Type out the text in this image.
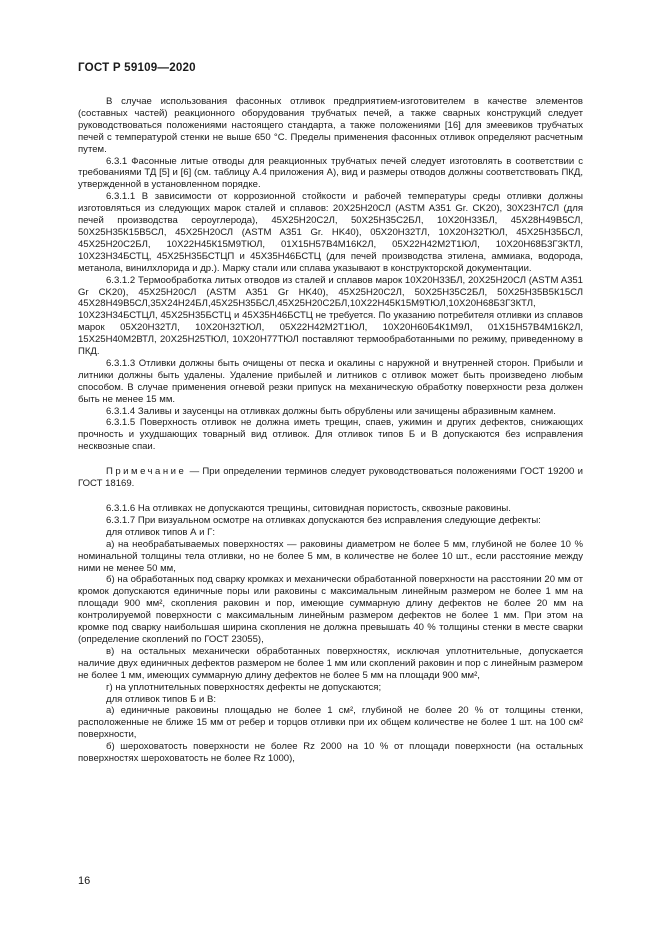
ГОСТ Р 59109—2020

В случае использования фасонных отливок предприятием-изготовителем в качестве элементов (составных частей) реакционного оборудования трубчатых печей, а также сварных конструкций следует руководствоваться положениями настоящего стандарта, а также положениями [16] для змеевиков трубчатых печей с температурой стенки не выше 650 °С. Пределы применения фасонных отливок определяют расчетным путем.

6.3.1 Фасонные литые отводы для реакционных трубчатых печей следует изготовлять в соответствии с требованиями ТД [5] и [6] (см. таблицу А.4 приложения А), вид и размеры отводов должны соответствовать ПКД, утвержденной в установленном порядке.

6.3.1.1 В зависимости от коррозионной стойкости и рабочей температуры среды отливки должны изготовляться из следующих марок сталей и сплавов: 20Х25Н20СЛ (ASTM A351 Gr. CK20), 30Х23Н7СЛ (для печей производства сероуглерода), 45Х25Н20С2Л, 50Х25Н35С2БЛ, 10Х20Н33БЛ, 45Х28Н49В5СЛ, 50Х25Н35К15В5СЛ, 45Х25Н20СЛ (ASTM A351 Gr. HK40), 05Х20Н32ТЛ, 10Х20Н32ТЮЛ, 45Х25Н35БСЛ, 45Х25Н20С2БЛ, 10Х22Н45К15М9ТЮЛ, 01Х15Н57В4М16К2Л, 05Х22Н42М2Т1ЮЛ, 10Х20Н68Б3Г3КТЛ, 10Х23Н34БСТЦ, 45Х25Н35БСТЦП и 45Х35Н46БСТЦ (для печей производства этилена, аммиака, водорода, метанола, винилхлорида и др.). Марку стали или сплава указывают в конструкторской документации.

6.3.1.2 Термообработка литых отводов из сталей и сплавов марок 10Х20Н33БЛ, 20Х25Н20СЛ (ASTM A351 Gr CK20), 45Х25Н20СЛ (ASTM A351 Gr HK40), 45Х25Н20С2Л, 50Х25Н35С2БЛ, 50Х25Н35В5К15СЛ 45Х28Н49В5СЛ,35Х24Н24БЛ,45Х25Н35БСЛ,45Х25Н20С2БЛ,10Х22Н45К15М9ТЮЛ,10Х20Н68Б3Г3КТЛ, 10Х23Н34БСТЦЛ, 45Х25Н35БСТЦ и 45Х35Н46БСТЦ не требуется. По указанию потребителя отливки из сплавов марок 05Х20Н32ТЛ, 10Х20Н32ТЮЛ, 05Х22Н42М2Т1ЮЛ, 10Х20Н60Б4К1М9Л, 01Х15Н57В4М16К2Л, 15Х25Н40М2ВТЛ, 20Х25Н25ТЮЛ, 10Х20Н77ТЮЛ поставляют термообработанными по режиму, приведенному в ПКД.

6.3.1.3 Отливки должны быть очищены от песка и окалины с наружной и внутренней сторон. Прибыли и литники должны быть удалены. Удаление прибылей и литников с отливок может быть произведено любым способом. В случае применения огневой резки припуск на механическую обработку поверхности реза должен быть не менее 15 мм.

6.3.1.4 Заливы и заусенцы на отливках должны быть обрублены или зачищены абразивным камнем.

6.3.1.5 Поверхность отливок не должна иметь трещин, спаев, ужимин и других дефектов, снижающих прочность и ухудшающих товарный вид отливок. Для отливок типов Б и В допускаются без исправления несквозные спаи.

Примечание — При определении терминов следует руководствоваться положениями ГОСТ 19200 и ГОСТ 18169.

6.3.1.6 На отливках не допускаются трещины, ситовидная пористость, сквозные раковины.

6.3.1.7 При визуальном осмотре на отливках допускаются без исправления следующие дефекты:

для отливок типов А и Г:

а) на необрабатываемых поверхностях — раковины диаметром не более 5 мм, глубиной не более 10 % номинальной толщины тела отливки, но не более 5 мм, в количестве не более 10 шт., если расстояние между ними не менее 50 мм,

б) на обработанных под сварку кромках и механически обработанной поверхности на расстоянии 20 мм от кромок допускаются единичные поры или раковины с максимальным линейным размером не более 1 мм на площади 900 мм², скопления раковин и пор, имеющие суммарную длину дефектов не более 20 мм на контролируемой поверхности с максимальным линейным размером дефектов не более 1 мм. При этом на кромке под сварку наибольшая ширина скопления не должна превышать 40 % толщины стенки в месте сварки (определение скоплений по ГОСТ 23055),

в) на остальных механически обработанных поверхностях, исключая уплотнительные, допускается наличие двух единичных дефектов размером не более 1 мм или скоплений раковин и пор с линейным размером не более 1 мм, имеющих суммарную длину дефектов не более 5 мм на площади 900 мм²,

г) на уплотнительных поверхностях дефекты не допускаются;

для отливок типов Б и В:

а) единичные раковины площадью не более 1 см², глубиной не более 20 % от толщины стенки, расположенные не ближе 15 мм от ребер и торцов отливки при их общем количестве не более 1 шт. на 100 см² поверхности,

б) шероховатость поверхности не более Rz 2000 на 10 % от площади поверхности (на остальных поверхностях шероховатость не более Rz 1000),

16
